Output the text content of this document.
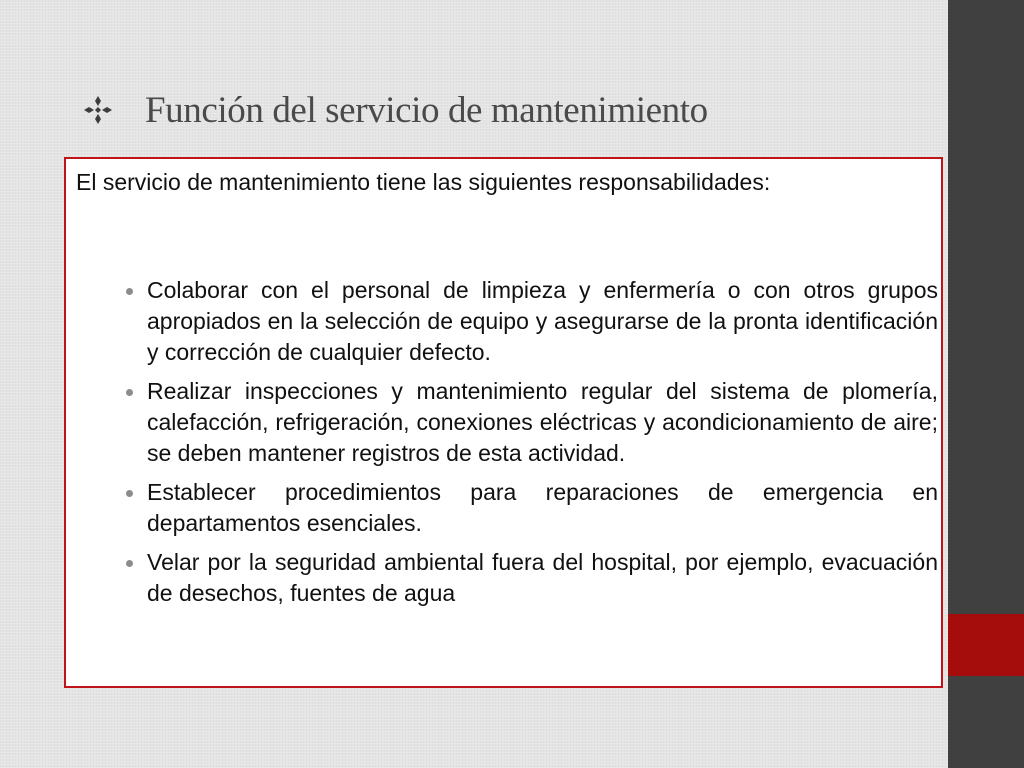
Función del servicio de mantenimiento

El servicio de mantenimiento tiene las siguientes responsabilidades:

Colaborar con el personal de limpieza y enfermería o con otros grupos apropiados en la selección de equipo y asegurarse de la pronta identificación y corrección de cualquier defecto.
Realizar inspecciones y mantenimiento regular del sistema de plomería, calefacción, refrigeración, conexiones eléctricas y acondicionamiento de aire; se deben mantener registros de esta actividad.
Establecer procedimientos para reparaciones de emergencia en departamentos esenciales.
Velar por la seguridad ambiental fuera del hospital, por ejemplo, evacuación de desechos, fuentes de agua
